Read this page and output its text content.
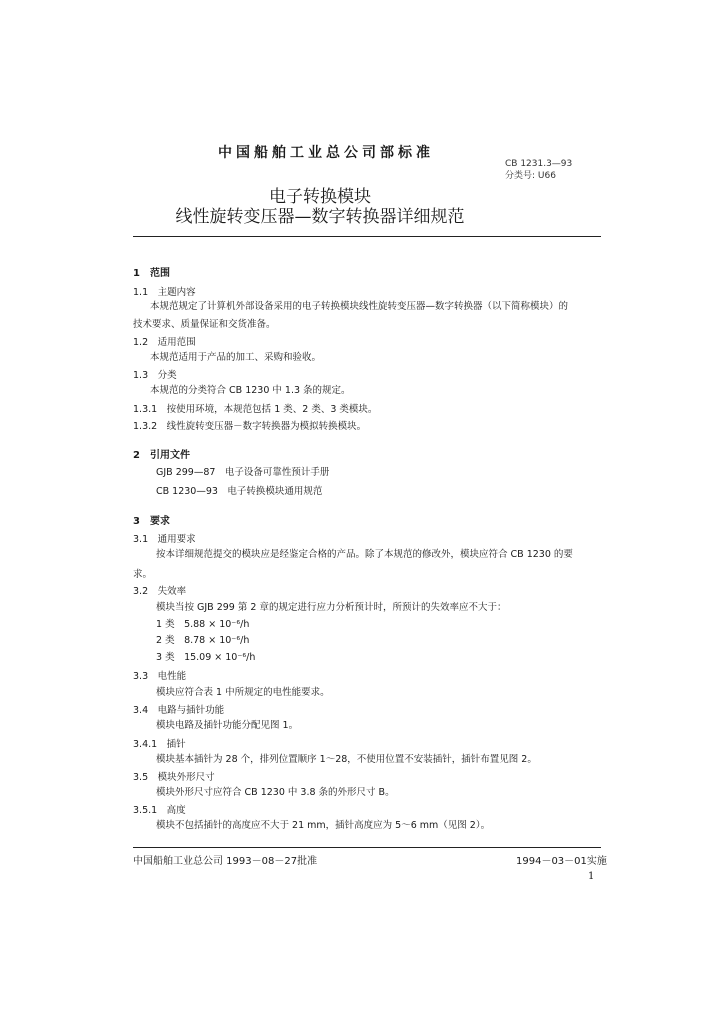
中国船舶工业总公司部标准
CB 1231.3—93
分类号: U66
电子转换模块
线性旋转变压器—数字转换器详细规范
1　范围
1.1　主题内容
本规范规定了计算机外部设备采用的电子转换模块线性旋转变压器—数字转换器（以下简称模块）的
技术要求、质量保证和交货准备。
1.2　适用范围
本规范适用于产品的加工、采购和验收。
1.3　分类
本规范的分类符合 CB 1230 中 1.3 条的规定。
1.3.1　按使用环境，本规范包括 1 类、2 类、3 类模块。
1.3.2　线性旋转变压器－数字转换器为模拟转换模块。
2　引用文件
GJB 299—87　电子设备可靠性预计手册
CB 1230—93　电子转换模块通用规范
3　要求
3.1　通用要求
按本详细规范提交的模块应是经鉴定合格的产品。除了本规范的修改外，模块应符合 CB 1230 的要
求。
3.2　失效率
模块当按 GJB 299 第 2 章的规定进行应力分析预计时，所预计的失效率应不大于：
1 类　5.88 × 10⁻⁶/h
2 类　8.78 × 10⁻⁶/h
3 类　15.09 × 10⁻⁶/h
3.3　电性能
模块应符合表 1 中所规定的电性能要求。
3.4　电路与插针功能
模块电路及插针功能分配见图 1。
3.4.1　插针
模块基本插针为 28 个，排列位置顺序 1～28，不使用位置不安装插针，插针布置见图 2。
3.5　模块外形尺寸
模块外形尺寸应符合 CB 1230 中 3.8 条的外形尺寸 B。
3.5.1　高度
模块不包括插针的高度应不大于 21 mm，插针高度应为 5～6 mm（见图 2）。
中国船舶工业总公司 1993－08－27批准	1994－03－01实施
1
